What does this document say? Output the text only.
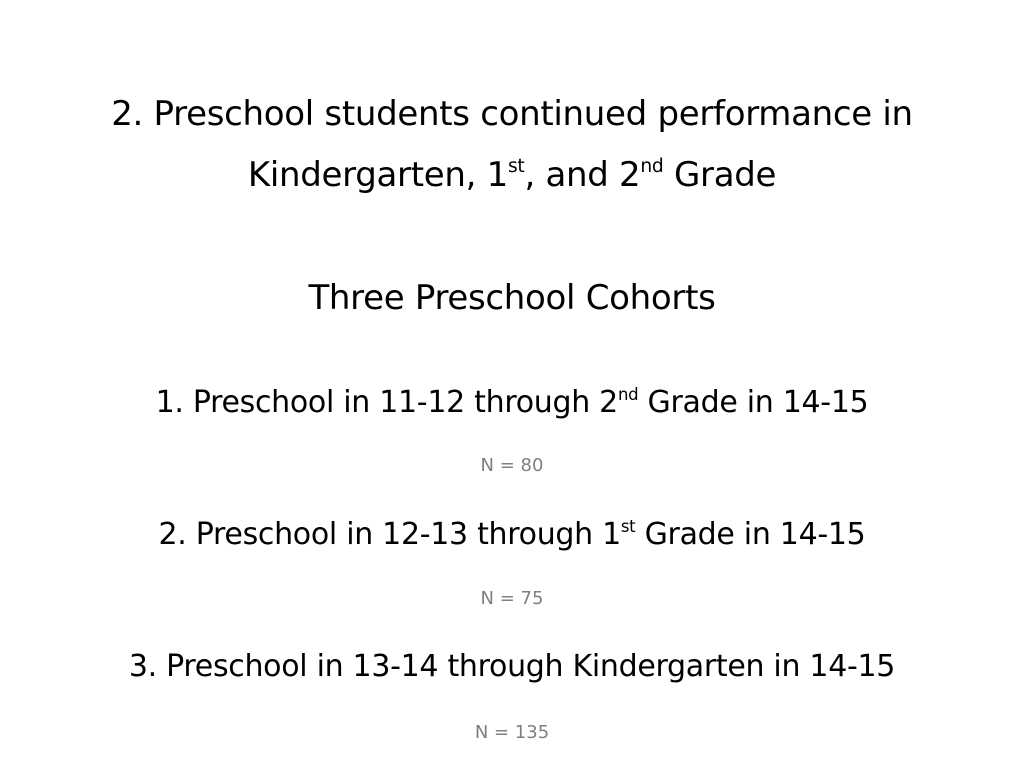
2. Preschool students continued performance in
Kindergarten, 1st, and 2nd Grade
Three Preschool Cohorts
1. Preschool in 11-12 through 2nd Grade in 14-15
N = 80
2. Preschool in 12-13 through 1st Grade in 14-15
N = 75
3. Preschool in 13-14 through Kindergarten in 14-15
N = 135
